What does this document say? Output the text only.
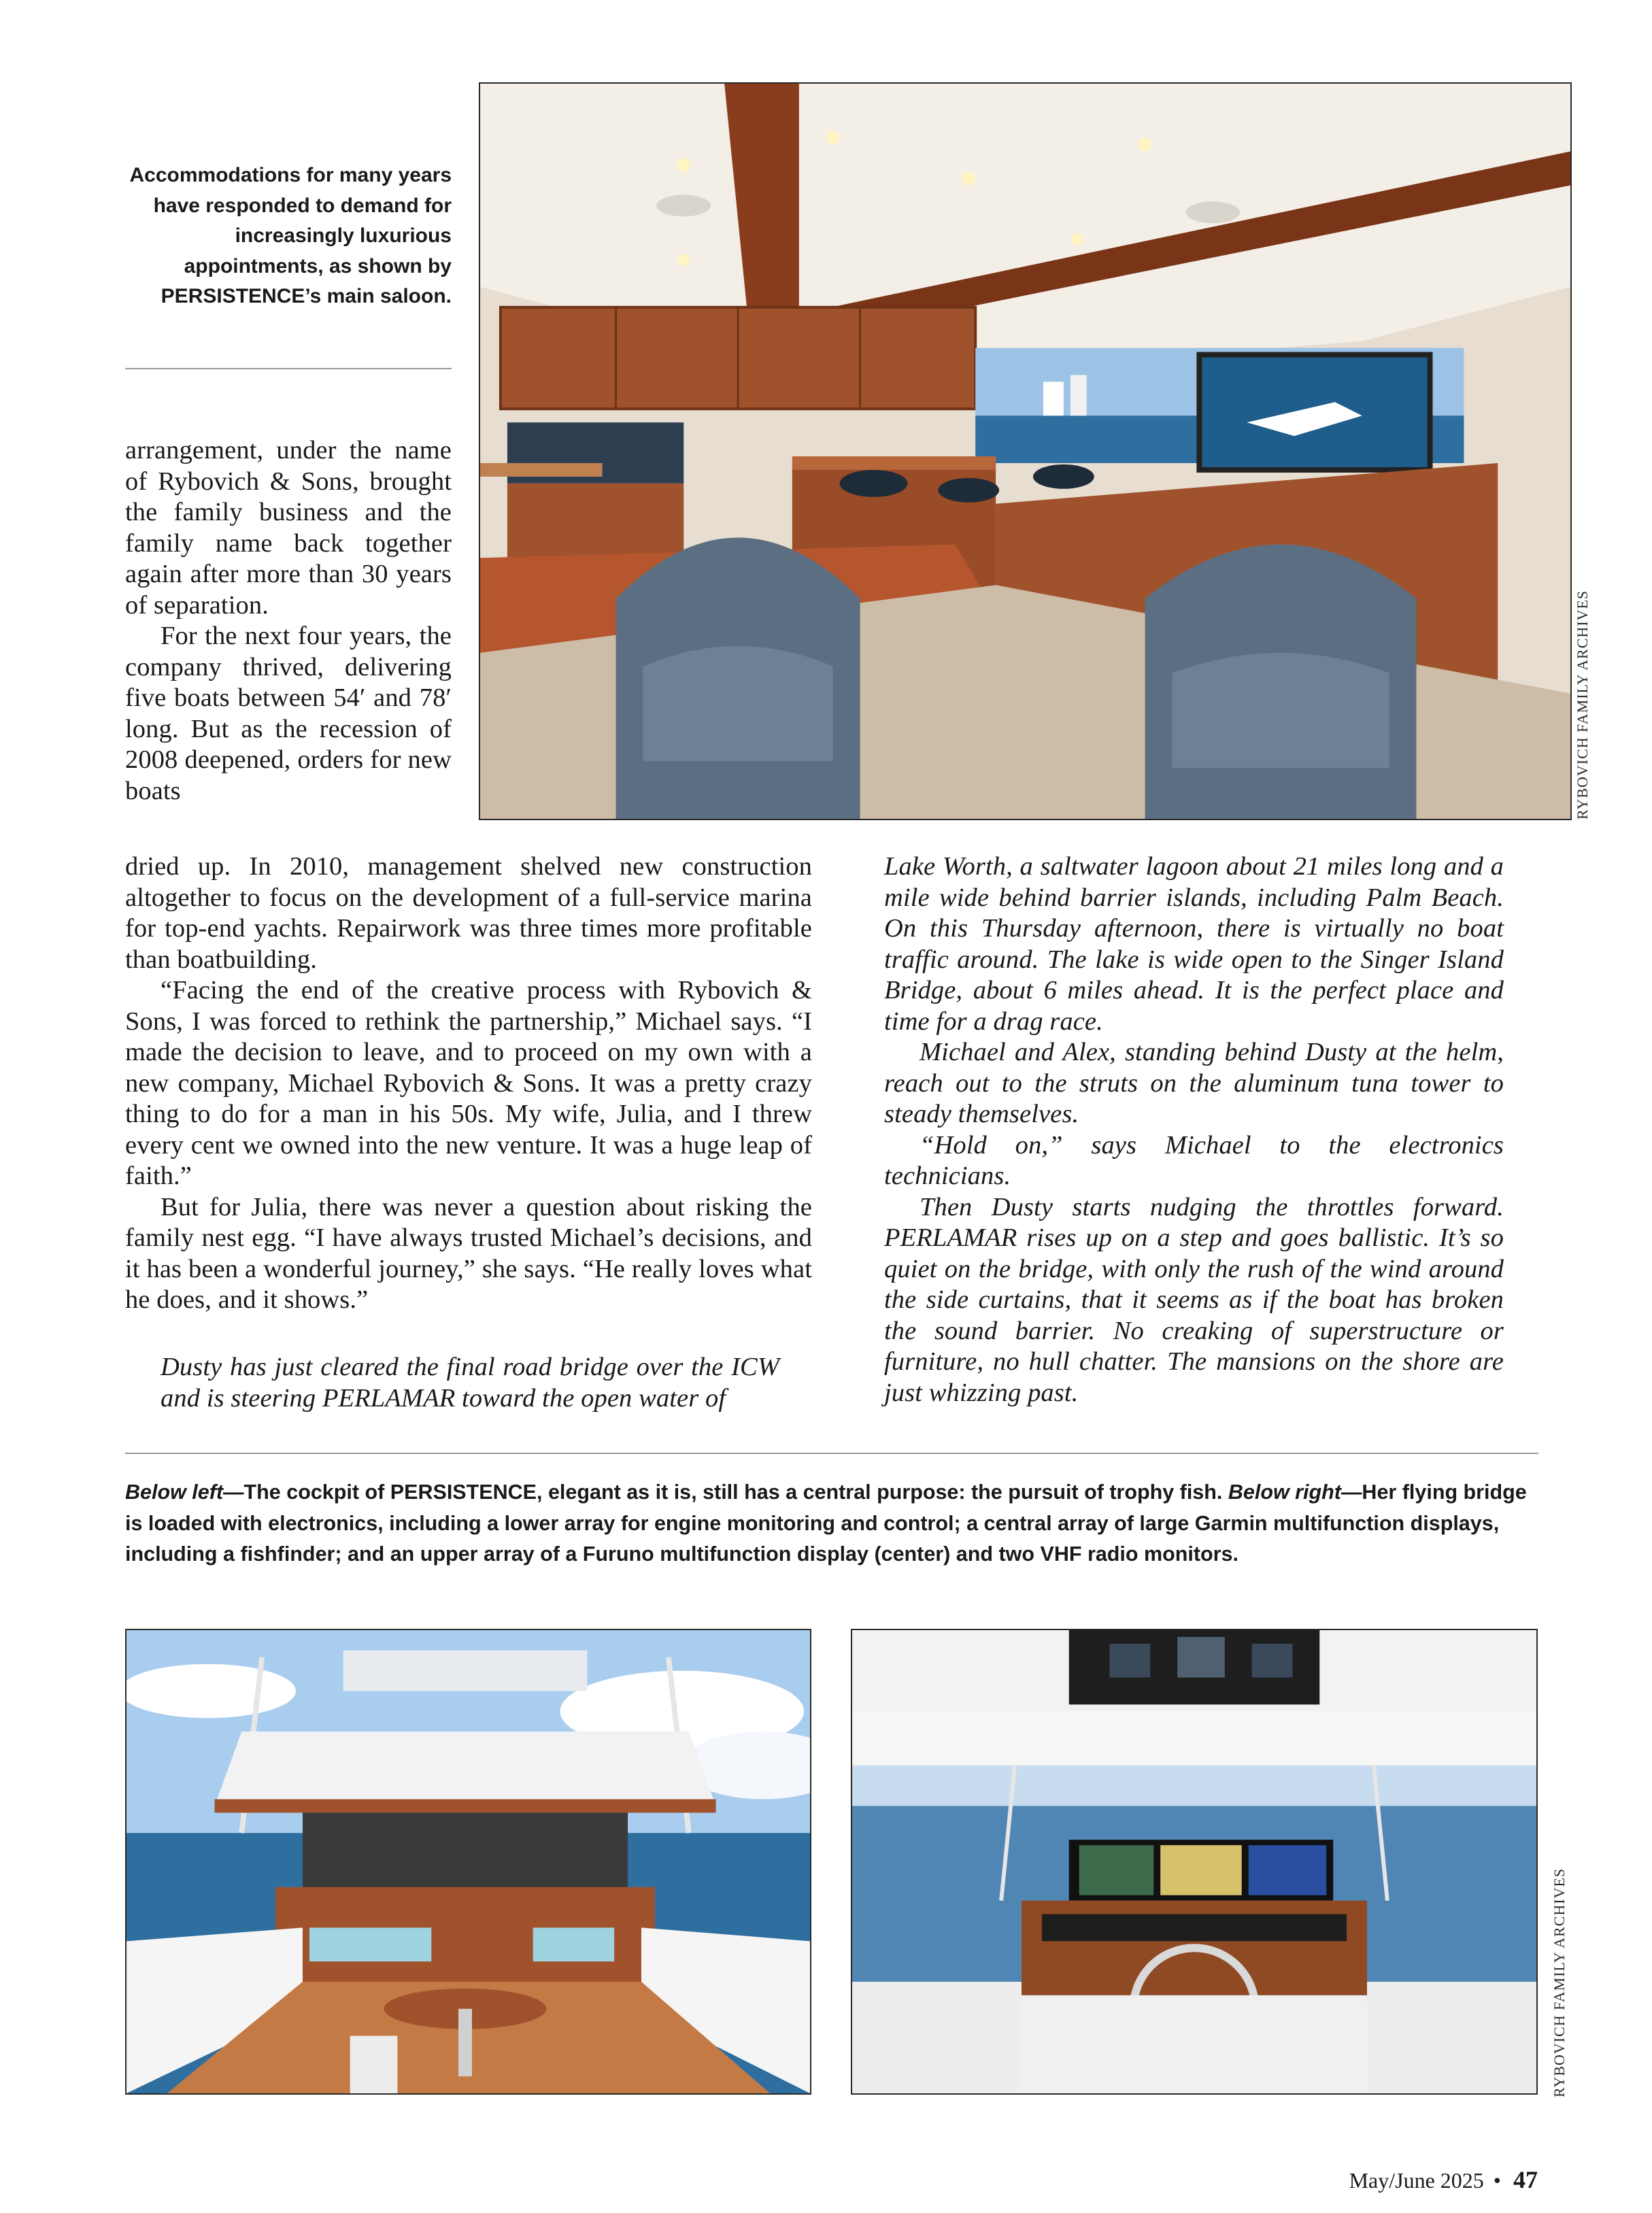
Accommodations for many years have responded to demand for increasingly luxurious appointments, as shown by PERSISTENCE’s main saloon.
RYBOVICH FAMILY ARCHIVES

arrangement, under the name of Rybovich & Sons, brought the family business and the family name back together again after more than 30 years of separation.

For the next four years, the company thrived, delivering five boats between 54′ and 78′ long. But as the recession of 2008 deepened, orders for new boats

dried up. In 2010, management shelved new construction altogether to focus on the development of a full-service marina for top-end yachts. Repairwork was three times more profitable than boatbuilding.

“Facing the end of the creative process with Rybovich & Sons, I was forced to rethink the partnership,” Michael says. “I made the decision to leave, and to proceed on my own with a new company, Michael Rybovich & Sons. It was a pretty crazy thing to do for a man in his 50s. My wife, Julia, and I threw every cent we owned into the new venture. It was a huge leap of faith.”

But for Julia, there was never a question about risking the family nest egg. “I have always trusted Michael’s decisions, and it has been a wonderful journey,” she says. “He really loves what he does, and it shows.”

Dusty has just cleared the final road bridge over the ICW and is steering PERLAMAR toward the open water of

Lake Worth, a saltwater lagoon about 21 miles long and a mile wide behind barrier islands, including Palm Beach. On this Thursday afternoon, there is virtually no boat traffic around. The lake is wide open to the Singer Island Bridge, about 6 miles ahead. It is the perfect place and time for a drag race.

Michael and Alex, standing behind Dusty at the helm, reach out to the struts on the aluminum tuna tower to steady themselves.

“Hold on,” says Michael to the electronics technicians.

Then Dusty starts nudging the throttles forward. PERLAMAR rises up on a step and goes ballistic. It’s so quiet on the bridge, with only the rush of the wind around the side curtains, that it seems as if the boat has broken the sound barrier. No creaking of superstructure or furniture, no hull chatter. The mansions on the shore are just whizzing past.

Below left—The cockpit of PERSISTENCE, elegant as it is, still has a central purpose: the pursuit of trophy fish. Below right—Her flying bridge is loaded with electronics, including a lower array for engine monitoring and control; a central array of large Garmin multifunction displays, including a fishfinder; and an upper array of a Furuno multifunction display (center) and two VHF radio monitors.
RYBOVICH FAMILY ARCHIVES
May/June 2025 • 47
